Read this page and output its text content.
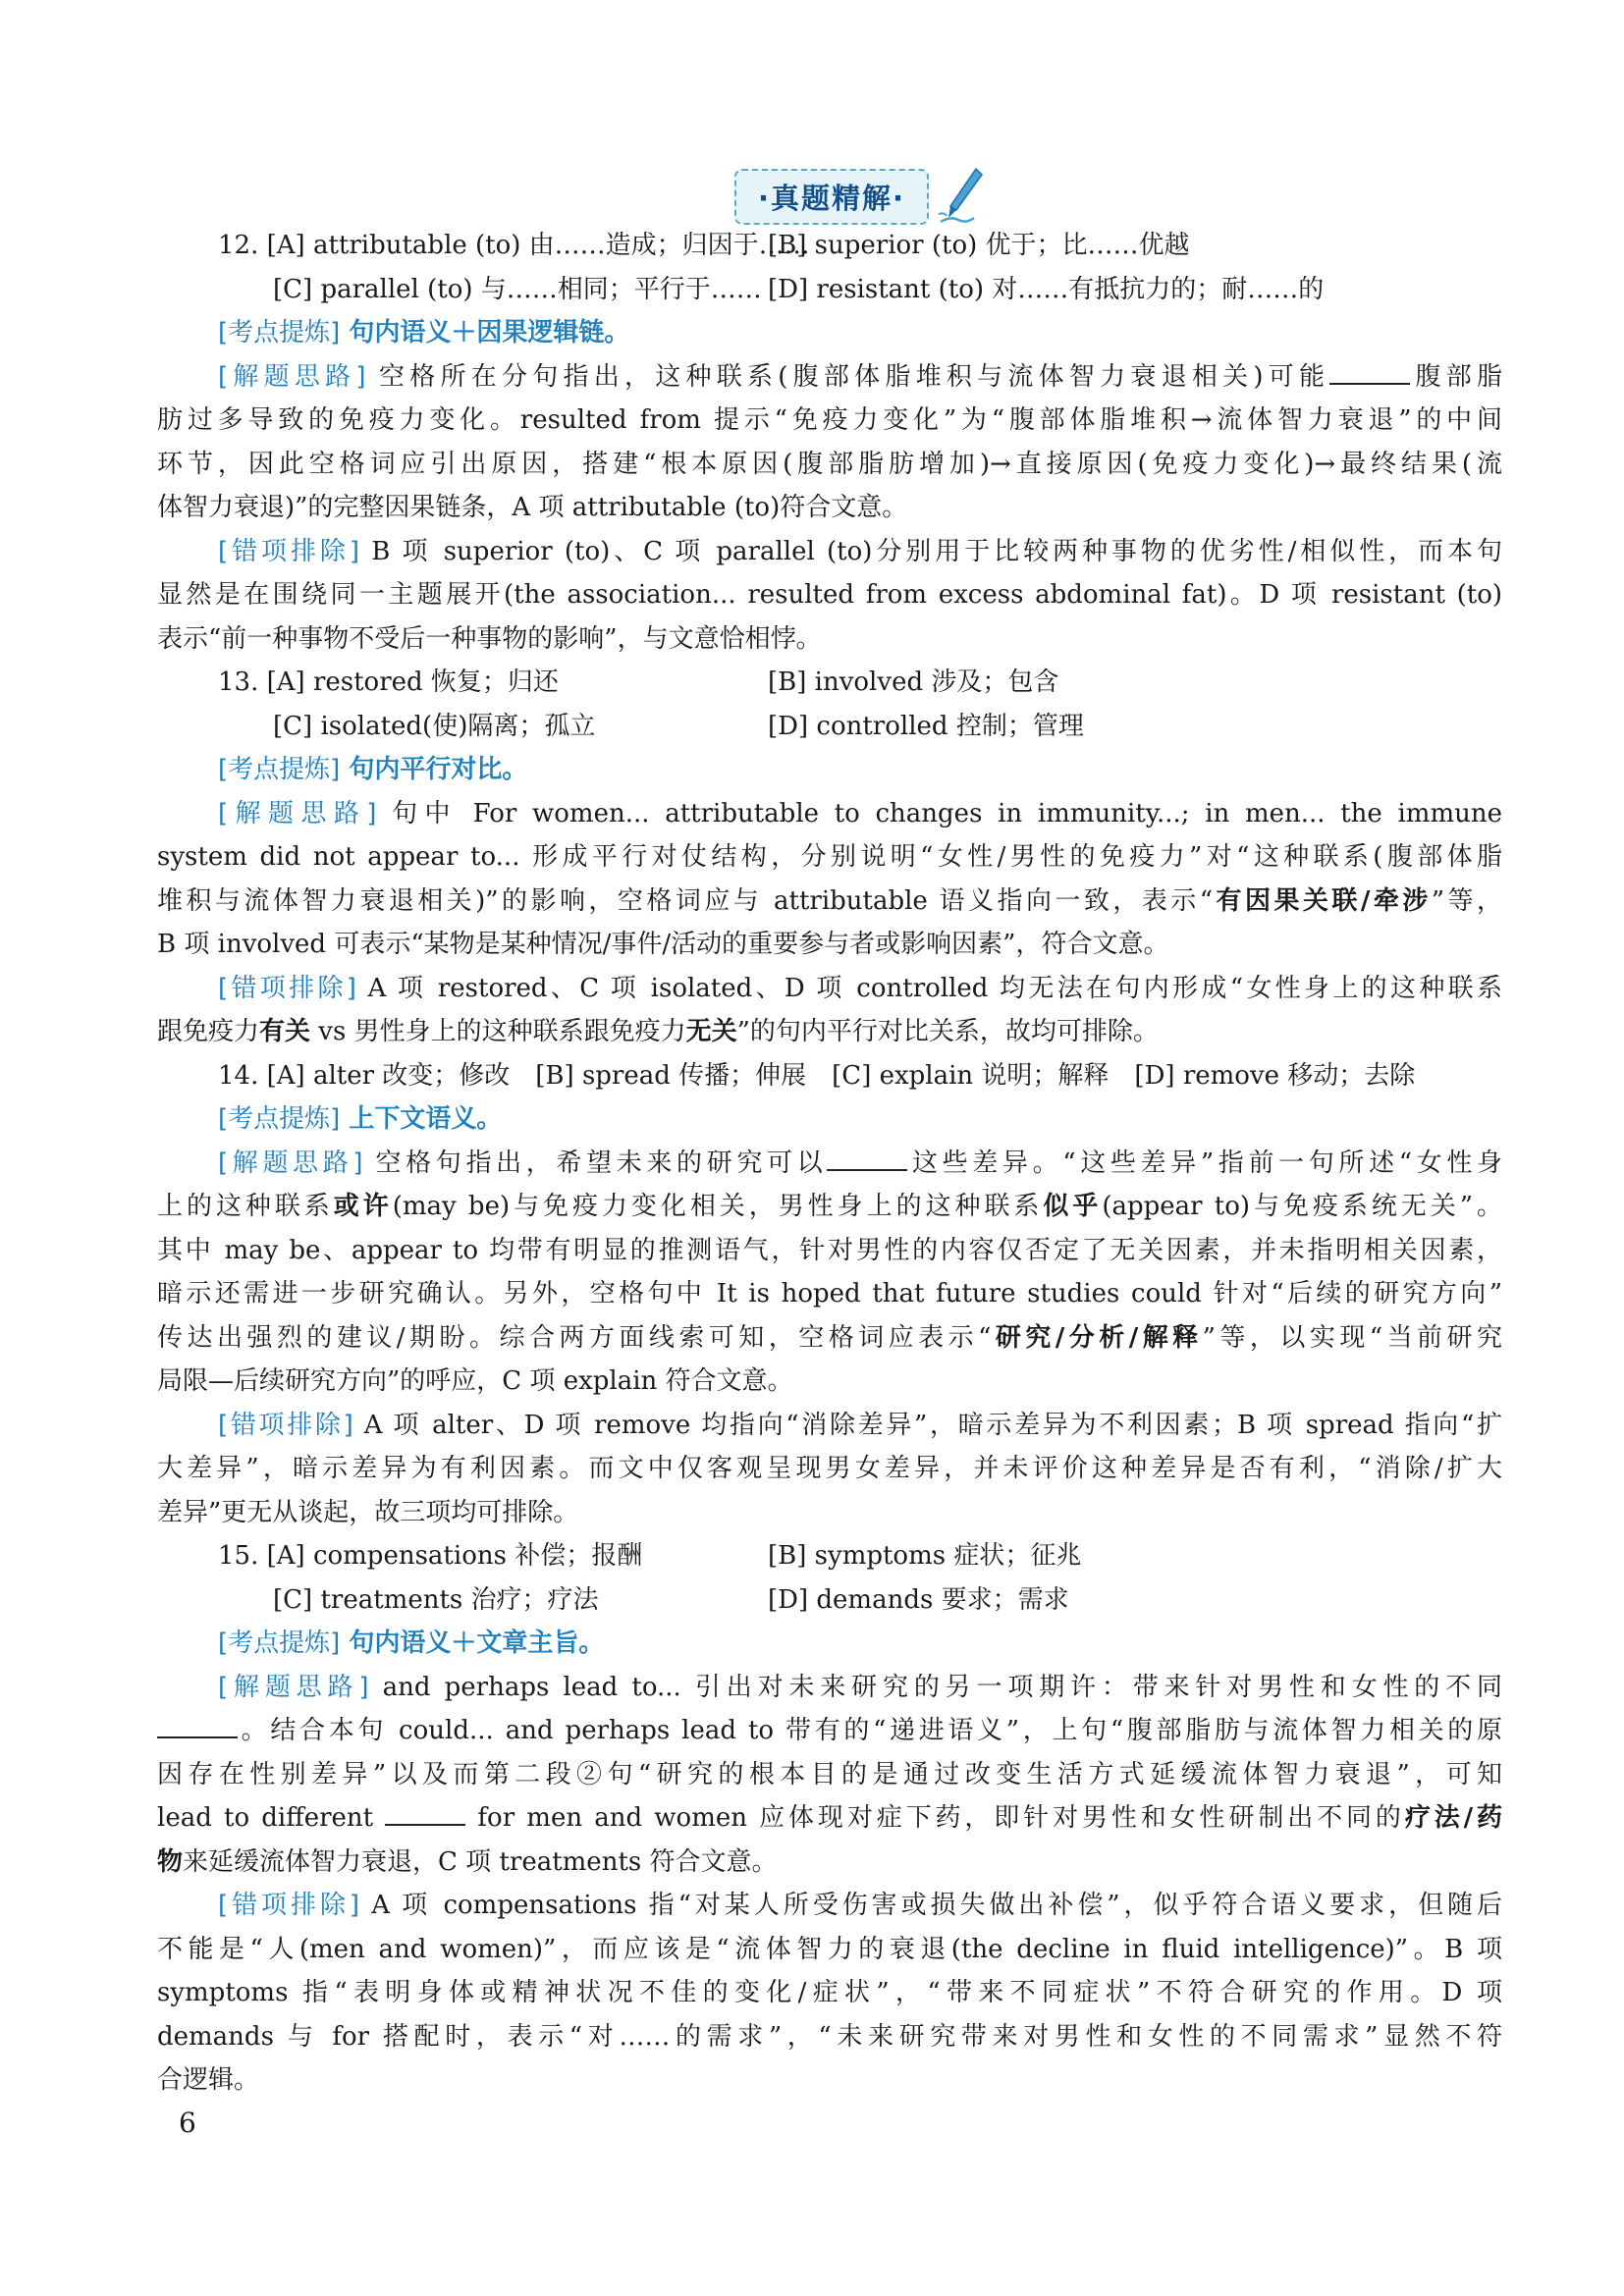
·真题精解·
12. [A] attributable (to) 由……造成；归因于……
[B] superior (to) 优于；比……优越
[C] parallel (to) 与……相同；平行于…… [D] resistant (to) 对……有抵抗力的；耐……的
[考点提炼] 句内语义＋因果逻辑链。
[解题思路] 空格所在分句指出，这种联系(腹部体脂堆积与流体智力衰退相关)可能	腹部脂
肪过多导致的免疫力变化。resulted from 提示“免疫力变化”为“腹部体脂堆积→流体智力衰退”的中间
环节，因此空格词应引出原因，搭建“根本原因(腹部脂肪增加)→直接原因(免疫力变化)→最终结果(流
体智力衰退)”的完整因果链条，A 项 attributable (to)符合文意。
[错项排除] B 项 superior (to)、C 项 parallel (to)分别用于比较两种事物的优劣性/相似性，而本句
显然是在围绕同一主题展开(the association... resulted from excess abdominal fat)。D 项 resistant (to)
表示“前一种事物不受后一种事物的影响”，与文意恰相悖。
13. [A] restored 恢复；归还	[B] involved 涉及；包含
[C] isolated(使)隔离；孤立	[D] controlled 控制；管理
[考点提炼] 句内平行对比。
[解题思路] 句中 For women... attributable to changes in immunity...; in men... the immune
system did not appear to... 形成平行对仗结构，分别说明“女性/男性的免疫力”对“这种联系(腹部体脂
堆积与流体智力衰退相关)”的影响，空格词应与 attributable 语义指向一致，表示“有因果关联/牵涉”等，
B 项 involved 可表示“某物是某种情况/事件/活动的重要参与者或影响因素”，符合文意。
[错项排除] A 项 restored、C 项 isolated、D 项 controlled 均无法在句内形成“女性身上的这种联系
跟免疫力有关 vs 男性身上的这种联系跟免疫力无关”的句内平行对比关系，故均可排除。
14. [A] alter 改变；修改　[B] spread 传播；伸展　[C] explain 说明；解释　[D] remove 移动；去除
[考点提炼] 上下文语义。
[解题思路] 空格句指出，希望未来的研究可以	这些差异。“这些差异”指前一句所述“女性身
上的这种联系或许(may be)与免疫力变化相关，男性身上的这种联系似乎(appear to)与免疫系统无关”。
其中 may be、appear to 均带有明显的推测语气，针对男性的内容仅否定了无关因素，并未指明相关因素，
暗示还需进一步研究确认。另外，空格句中 It is hoped that future studies could 针对“后续的研究方向”
传达出强烈的建议/期盼。综合两方面线索可知，空格词应表示“研究/分析/解释”等，以实现“当前研究
局限—后续研究方向”的呼应，C 项 explain 符合文意。
[错项排除] A 项 alter、D 项 remove 均指向“消除差异”，暗示差异为不利因素；B 项 spread 指向“扩
大差异”，暗示差异为有利因素。而文中仅客观呈现男女差异，并未评价这种差异是否有利，“消除/扩大
差异”更无从谈起，故三项均可排除。
15. [A] compensations 补偿；报酬	[B] symptoms 症状；征兆
[C] treatments 治疗；疗法	[D] demands 要求；需求
[考点提炼] 句内语义＋文章主旨。
[解题思路] and perhaps lead to... 引出对未来研究的另一项期许：带来针对男性和女性的不同
。结合本句 could... and perhaps lead to 带有的“递进语义”，上句“腹部脂肪与流体智力相关的原
因存在性别差异”以及而第二段②句“研究的根本目的是通过改变生活方式延缓流体智力衰退”，可知
lead to different	for men and women 应体现对症下药，即针对男性和女性研制出不同的疗法/药
物来延缓流体智力衰退，C 项 treatments 符合文意。
[错项排除] A 项 compensations 指“对某人所受伤害或损失做出补偿”，似乎符合语义要求，但随后
不能是“人(men and women)”，而应该是“流体智力的衰退(the decline in fluid intelligence)”。B 项
symptoms 指“表明身体或精神状况不佳的变化/症状”，“带来不同症状”不符合研究的作用。D 项
demands 与 for 搭配时，表示“对……的需求”，“未来研究带来对男性和女性的不同需求”显然不符
合逻辑。
6
